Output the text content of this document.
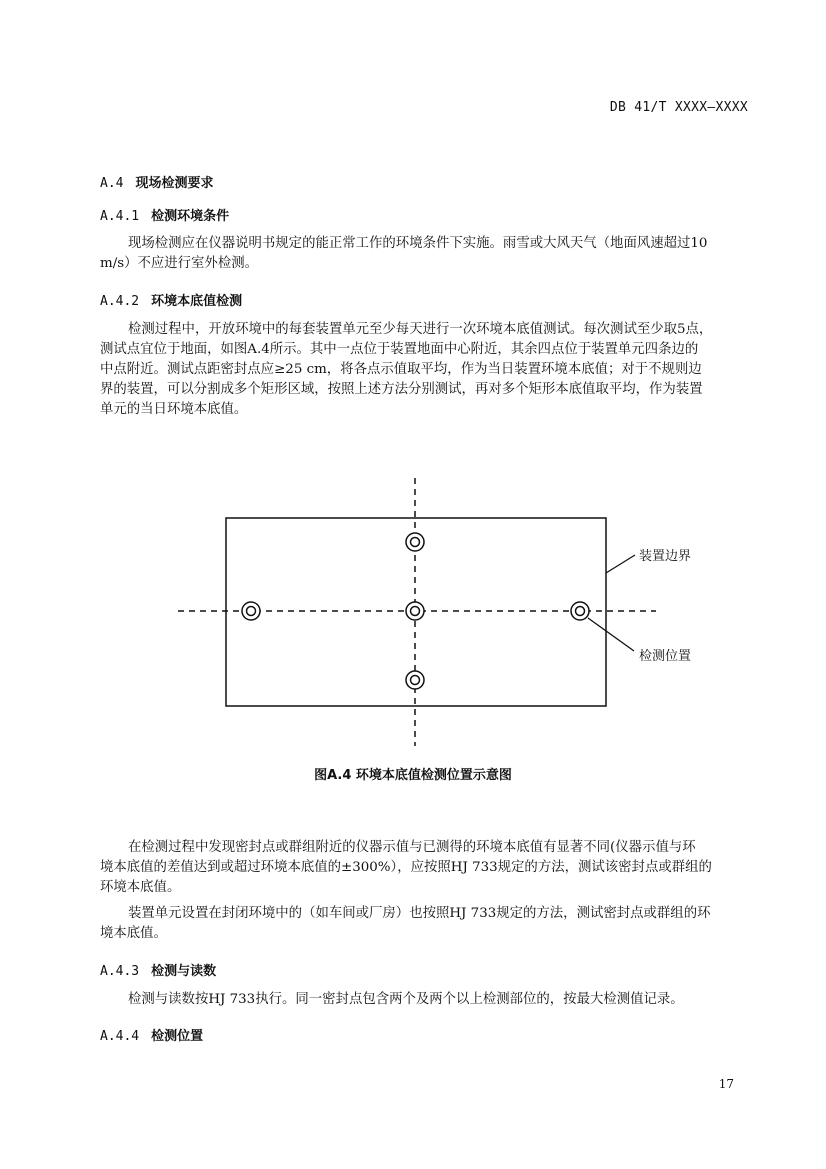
DB 41/T XXXX—XXXX
A.4 现场检测要求
A.4.1 检测环境条件
现场检测应在仪器说明书规定的能正常工作的环境条件下实施。雨雪或大风天气（地面风速超过10
m/s）不应进行室外检测。
A.4.2 环境本底值检测
检测过程中，开放环境中的每套装置单元至少每天进行一次环境本底值测试。每次测试至少取5点，
测试点宜位于地面，如图A.4所示。其中一点位于装置地面中心附近，其余四点位于装置单元四条边的
中点附近。测试点距密封点应≥25 cm，将各点示值取平均，作为当日装置环境本底值；对于不规则边
界的装置，可以分割成多个矩形区域，按照上述方法分别测试，再对多个矩形本底值取平均，作为装置
单元的当日环境本底值。
装置边界
检测位置
图A.4 环境本底值检测位置示意图
在检测过程中发现密封点或群组附近的仪器示值与已测得的环境本底值有显著不同(仪器示值与环
境本底值的差值达到或超过环境本底值的±300%），应按照HJ 733规定的方法，测试该密封点或群组的
环境本底值。
装置单元设置在封闭环境中的（如车间或厂房）也按照HJ 733规定的方法，测试密封点或群组的环
境本底值。
A.4.3 检测与读数
检测与读数按HJ 733执行。同一密封点包含两个及两个以上检测部位的，按最大检测值记录。
A.4.4 检测位置
17
